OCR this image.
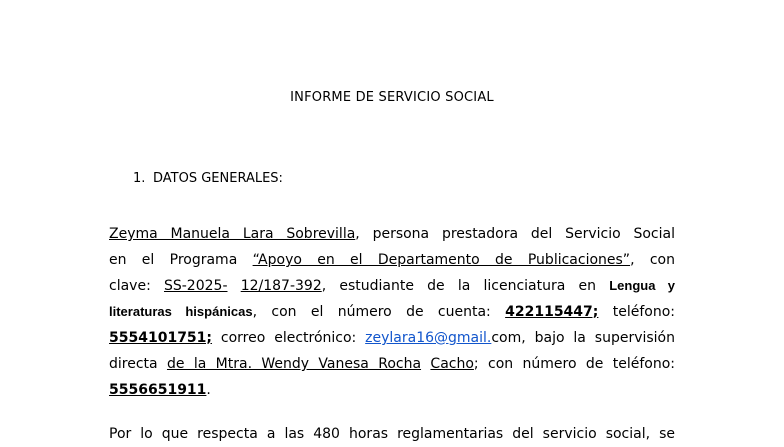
INFORME DE SERVICIO SOCIAL
1. DATOS GENERALES:
Zeyma Manuela Lara Sobrevilla, persona prestadora del Servicio Social
en el Programa “Apoyo en el Departamento de Publicaciones”, con
clave: SS-2025- 12/187-392, estudiante de la licenciatura en Lengua y
literaturas hispánicas, con el número de cuenta: 422115447; teléfono:
5554101751; correo electrónico: zeylara16@gmail.com, bajo la supervisión
directa de la Mtra. Wendy Vanesa Rocha Cacho; con número de teléfono:
5556651911.
Por lo que respecta a las 480 horas reglamentarias del servicio social, se
